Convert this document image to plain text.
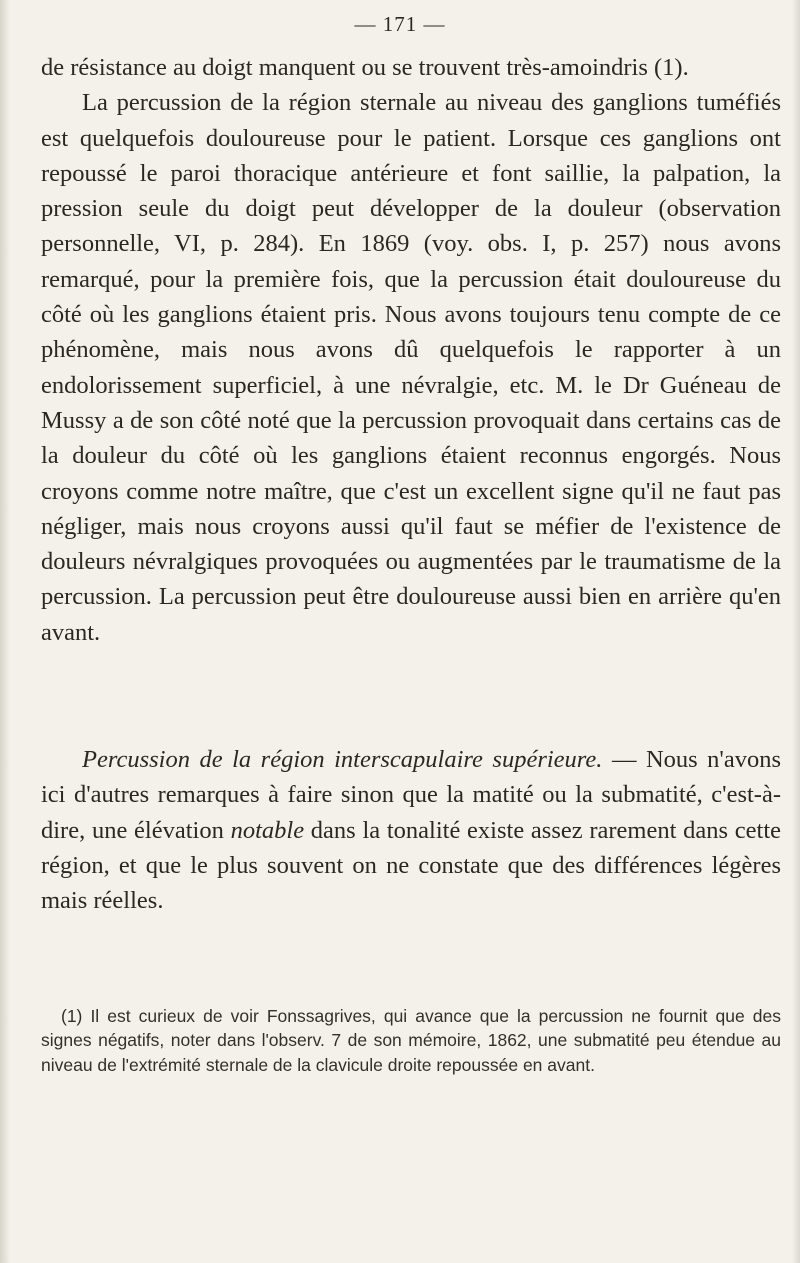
— 171 —

de résistance au doigt manquent ou se trouvent très-amoindris (1).

La percussion de la région sternale au niveau des ganglions tuméfiés est quelquefois douloureuse pour le patient. Lorsque ces ganglions ont repoussé le paroi thoracique antérieure et font saillie, la palpation, la pression seule du doigt peut développer de la douleur (observation personnelle, VI, p. 284). En 1869 (voy. obs. I, p. 257) nous avons remarqué, pour la première fois, que la percussion était douloureuse du côté où les ganglions étaient pris. Nous avons toujours tenu compte de ce phénomène, mais nous avons dû quelquefois le rapporter à un endolorissement superficiel, à une névralgie, etc. M. le Dr Guéneau de Mussy a de son côté noté que la percussion provoquait dans certains cas de la douleur du côté où les ganglions étaient reconnus engorgés. Nous croyons comme notre maître, que c'est un excellent signe qu'il ne faut pas négliger, mais nous croyons aussi qu'il faut se méfier de l'existence de douleurs névralgiques provoquées ou augmentées par le traumatisme de la percussion. La percussion peut être douloureuse aussi bien en arrière qu'en avant.

Percussion de la région interscapulaire supérieure. — Nous n'avons ici d'autres remarques à faire sinon que la matité ou la submatité, c'est-à-dire, une élévation notable dans la tonalité existe assez rarement dans cette région, et que le plus souvent on ne constate que des différences légères mais réelles.

(1) Il est curieux de voir Fonssagrives, qui avance que la percussion ne fournit que des signes négatifs, noter dans l'observ. 7 de son mémoire, 1862, une submatité peu étendue au niveau de l'extrémité sternale de la clavicule droite repoussée en avant.
